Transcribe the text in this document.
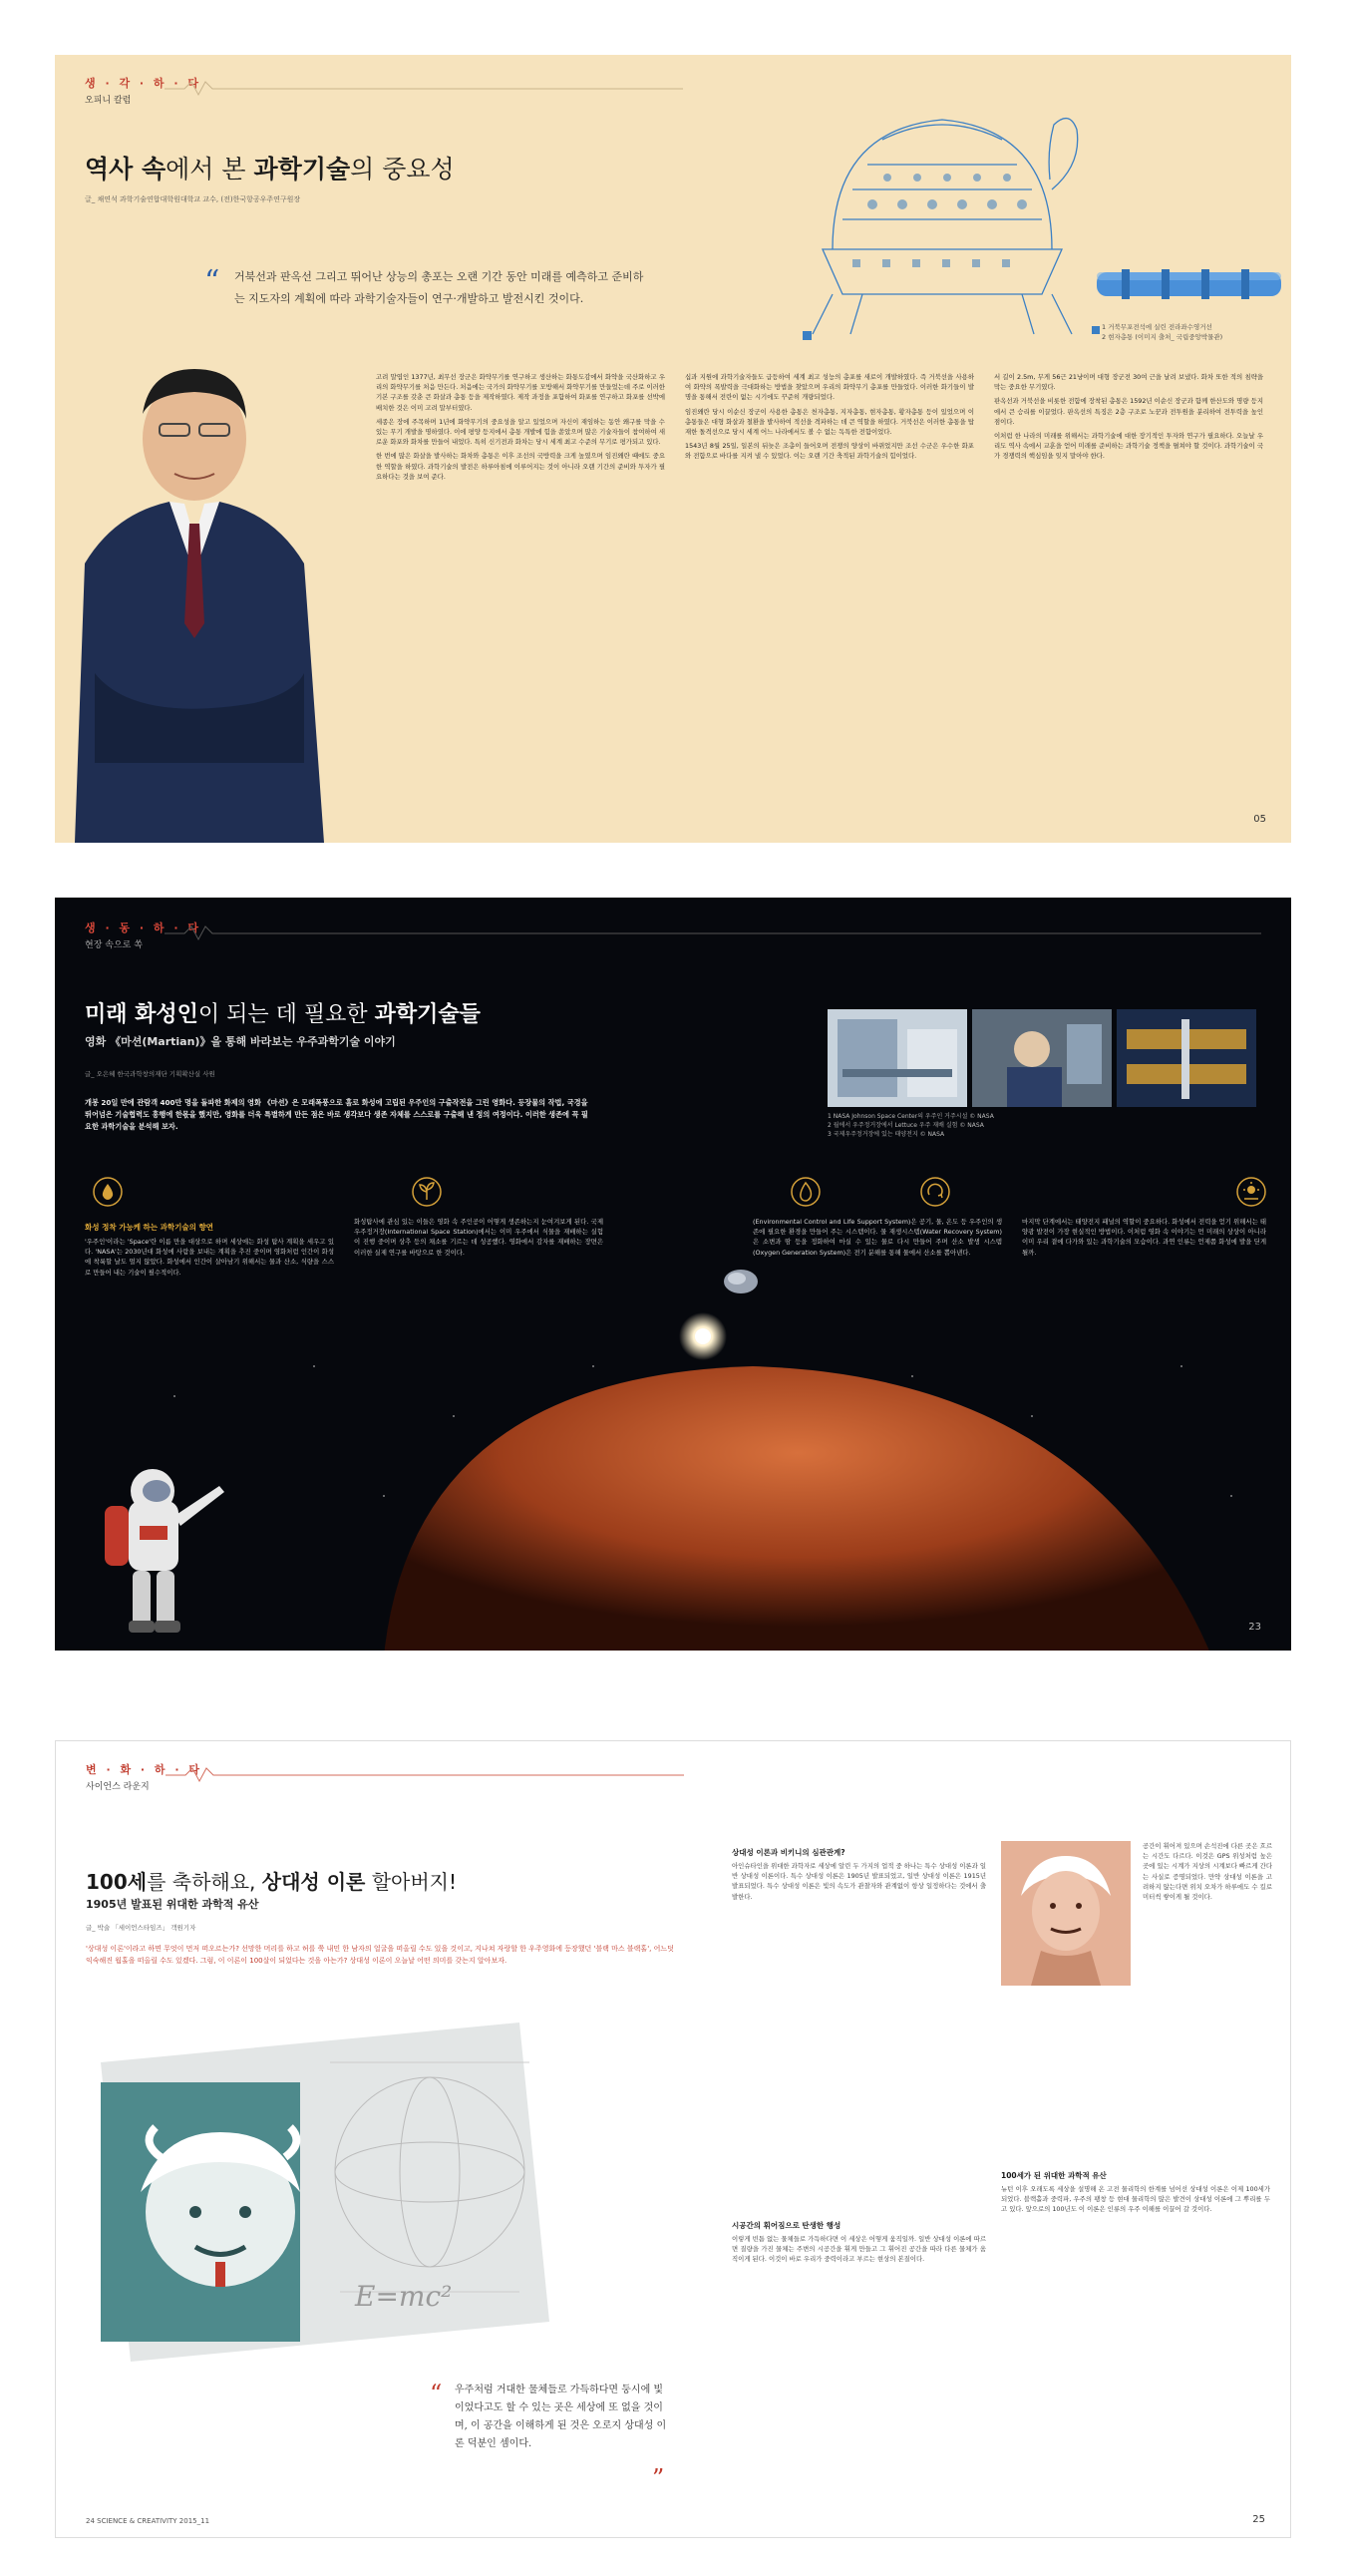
생 · 각 · 하 · 다
오피니 칼럼
역사 속에서 본 과학기술의 중요성
글_ 채연석 과학기술연합대학원대학교 교수, (전)한국항공우주연구원장
“ 거북선과 판옥선 그리고 뛰어난 상능의 총포는 오랜 기간 동안 미래를 예측하고 준비하는 지도자의 계획에 따라 과학기술자들이 연구·개발하고 발전시킨 것이다.
1 거북무포전석에 실린 전라좌수영거선
2 현자총통 (이미지 출처_ 국립중앙박물관)

고려 말엽인 1377년, 최무선 장군은 화약무기를 연구하고 생산하는 화통도감에서 화약을 국산화하고 우리의 화약무기를 처음 만든다. 처음에는 국가의 화약무기를 모방해서 화약무기를 만들었는데 주로 이러한 기본 구조를 갖춘 큰 화살과 총통 등을 제작하였다. 제작 과정을 포함하여 화포를 연구하고 화포를 선박에 배치한 것은 이미 고려 말부터였다.

세종은 장에 주목하며 1년에 화약무기의 중요성을 알고 있었으며 자신이 재임하는 동안 왜구를 막을 수 있는 무기 개발을 명하였다. 이에 평양 등지에서 총통 개발에 힘을 쏟았으며 많은 기술자들이 참여하여 새로운 화포와 화차를 만들어 내었다. 특히 신기전과 화차는 당시 세계 최고 수준의 무기로 평가되고 있다.

한 번에 많은 화살을 발사하는 화차와 총통은 이후 조선의 국방력을 크게 높였으며 임진왜란 때에도 중요한 역할을 하였다. 과학기술의 발전은 하루아침에 이루어지는 것이 아니라 오랜 기간의 준비와 투자가 필요하다는 것을 보여 준다.

십과 지원에 과학기술자들도 급등하여 세계 최고 성능의 총포를 새로이 개발하였다. 즉 거북선을 사용하여 화약의 폭발력을 극대화하는 방법을 찾았으며 우리의 화약무기 총포를 만들었다. 이러한 화기들이 발명을 통해서 전란이 없는 시기에도 꾸준히 개량되었다.

임진왜란 당시 이순신 장군이 사용한 총통은 천자총통, 지자총통, 현자총통, 황자총통 등이 있었으며 이 총통들은 대형 화살과 철환을 발사하여 적선을 격파하는 데 큰 역할을 하였다. 거북선은 이러한 총통을 탑재한 돌격선으로 당시 세계 어느 나라에서도 볼 수 없는 독특한 전함이었다.

1543년 8월 25일, 일본의 뒤늦은 조총이 들어오며 전쟁의 양상이 바뀌었지만 조선 수군은 우수한 화포와 전함으로 바다를 지켜 낼 수 있었다. 이는 오랜 기간 축적된 과학기술의 힘이었다.

서 길이 2.5m, 무게 56근 21냥이며 대형 장군전 30여 근을 날려 보냈다. 화차 또한 적의 침략을 막는 중요한 무기였다.

판옥선과 거북선을 비롯한 전함에 장착된 총통은 1592년 이순신 장군과 함께 한산도와 명량 등지에서 큰 승리를 이끌었다. 판옥선의 특징은 2층 구조로 노꾼과 전투원을 분리하여 전투력을 높인 점이다.

이처럼 한 나라의 미래를 위해서는 과학기술에 대한 장기적인 투자와 연구가 필요하다. 오늘날 우리도 역사 속에서 교훈을 얻어 미래를 준비하는 과학기술 정책을 펼쳐야 할 것이다. 과학기술이 국가 경쟁력의 핵심임을 잊지 말아야 한다.

05
생 · 동 · 하 · 다
현장 속으로 쏙
미래 화성인이 되는 데 필요한 과학기술들
영화 《마션(Martian)》을 통해 바라보는 우주과학기술 이야기
글_ 오은혜 한국과학창의재단 기획확산실 사원
개봉 20일 만에 관람객 400만 명을 돌파한 화제의 영화 《마션》은 모래폭풍으로 홀로 화성에 고립된 우주인의 구출작전을 그린 영화다. 등장물의 작법, 국경을 뛰어넘은 기술협력도 흥행에 한몫을 했지만, 영화를 더욱 특별하게 만든 점은 바로 생각보다 생존 자체를 스스로를 구출해 낸 정의 여정이다. 이러한 생존에 꼭 필요한 과학기술을 분석해 보자.
1 NASA Johnson Space Center의 우주인 거주시설 © NASA
2 월에서 우주정거장에서 Lettuce 우주 재배 실험 © NASA
3 국제우주정거장에 있는 태양전지 © NASA
화성 정착 가능케 하는 과학기술의 향연
'우주인'이라는 'Space'란 이름 만을 대상으로 하며 세상에는 화성 탐사 계획을 세우고 있다. 'NASA'는 2030년대 화성에 사람을 보내는 계획을 추진 중이며 영화처럼 인간이 화성에 착륙할 날도 멀지 않았다. 화성에서 인간이 살아남기 위해서는 물과 산소, 식량을 스스로 만들어 내는 기술이 필수적이다.
화성탐사에 관심 있는 이들은 영화 속 주인공이 어떻게 생존하는지 눈여겨보게 된다. 국제우주정거장(International Space Station)에서는 이미 우주에서 식물을 재배하는 실험이 진행 중이며 상추 등의 채소를 기르는 데 성공했다. 영화에서 감자를 재배하는 장면은 이러한 실제 연구를 바탕으로 한 것이다.
(Environmental Control and Life Support System)은 공기, 물, 온도 등 우주인의 생존에 필요한 환경을 만들어 주는 시스템이다. 물 재생시스템(Water Recovery System)은 소변과 땀 등을 정화하여 마실 수 있는 물로 다시 만들어 주며 산소 발생 시스템(Oxygen Generation System)은 전기 분해를 통해 물에서 산소를 뽑아낸다.
마지막 단계에서는 태양전지 패널의 역할이 중요하다. 화성에서 전력을 얻기 위해서는 태양광 발전이 가장 현실적인 방법이다. 이처럼 영화 속 이야기는 먼 미래의 상상이 아니라 이미 우리 곁에 다가와 있는 과학기술의 모습이다. 과연 인류는 언제쯤 화성에 발을 딛게 될까.
23
변 · 화 · 하 · 다
사이언스 라운지
100세를 축하해요, 상대성 이론 할아버지!
1905년 발표된 위대한 과학적 유산
글_ 박술 「세이언스타임즈」 객원기자
'상대성 이론'이라고 하면 무엇이 먼저 떠오르는가? 선망한 머리를 하고 허를 쭉 내민 한 남자의 얼굴을 떠올릴 수도 있을 것이고, 지나쳐 자랑할 한 우주영화에 등장했던 '블랙 마스 블랙홀', 어느덧 익숙해진 웜홀을 떠올릴 수도 있겠다. 그럼, 이 이론이 100살이 되었다는 것을 아는가? 상대성 이론이 오늘날 어떤 의미를 갖는지 알아보자.
E=mc²
“ 우주처럼 거대한 물체들로 가득하다면 둥시에 빛 이었다고도 할 수 있는 곳은 세상에 또 없을 것이며, 이 공간을 이해하게 된 것은 오로지 상대성 이론 덕분인 셈이다.
”
상대성 이론과 비키니의 심관관계?
아인슈타인을 위대한 과학자로 세상에 알린 두 가지의 업적 중 하나는 특수 상대성 이론과 일반 상대성 이론이다. 특수 상대성 이론은 1905년 발표되었고, 일반 상대성 이론은 1915년 발표되었다. 특수 상대성 이론은 빛의 속도가 관찰자와 관계없이 항상 일정하다는 것에서 출발한다.
시공간의 휘어짐으로 탄생한 행성
이렇게 빈틈 없는 물체들로 가득하다면 이 세상은 어떻게 움직일까. 일반 상대성 이론에 따르면 질량을 가진 물체는 주변의 시공간을 휘게 만들고 그 휘어진 공간을 따라 다른 물체가 움직이게 된다. 이것이 바로 우리가 중력이라고 부르는 현상의 본질이다.
공간이 휘어져 있으며 손석진에 다른 곳은 흐르는 시간도 다르다. 이것은 GPS 위성처럼 높은 곳에 있는 시계가 지상의 시계보다 빠르게 간다는 사실로 증명되었다. 만약 상대성 이론을 고려하지 않는다면 위치 오차가 하루에도 수 킬로미터씩 쌓이게 될 것이다.
100세가 된 위대한 과학적 유산
뉴턴 이후 오래도록 세상을 설명해 온 고전 물리학의 한계를 넘어선 상대성 이론은 이제 100세가 되었다. 블랙홀과 중력파, 우주의 팽창 등 현대 물리학의 많은 발견이 상대성 이론에 그 뿌리를 두고 있다. 앞으로의 100년도 이 이론은 인류의 우주 이해를 이끌어 갈 것이다.
24 SCIENCE & CREATIVITY 2015_11	25
